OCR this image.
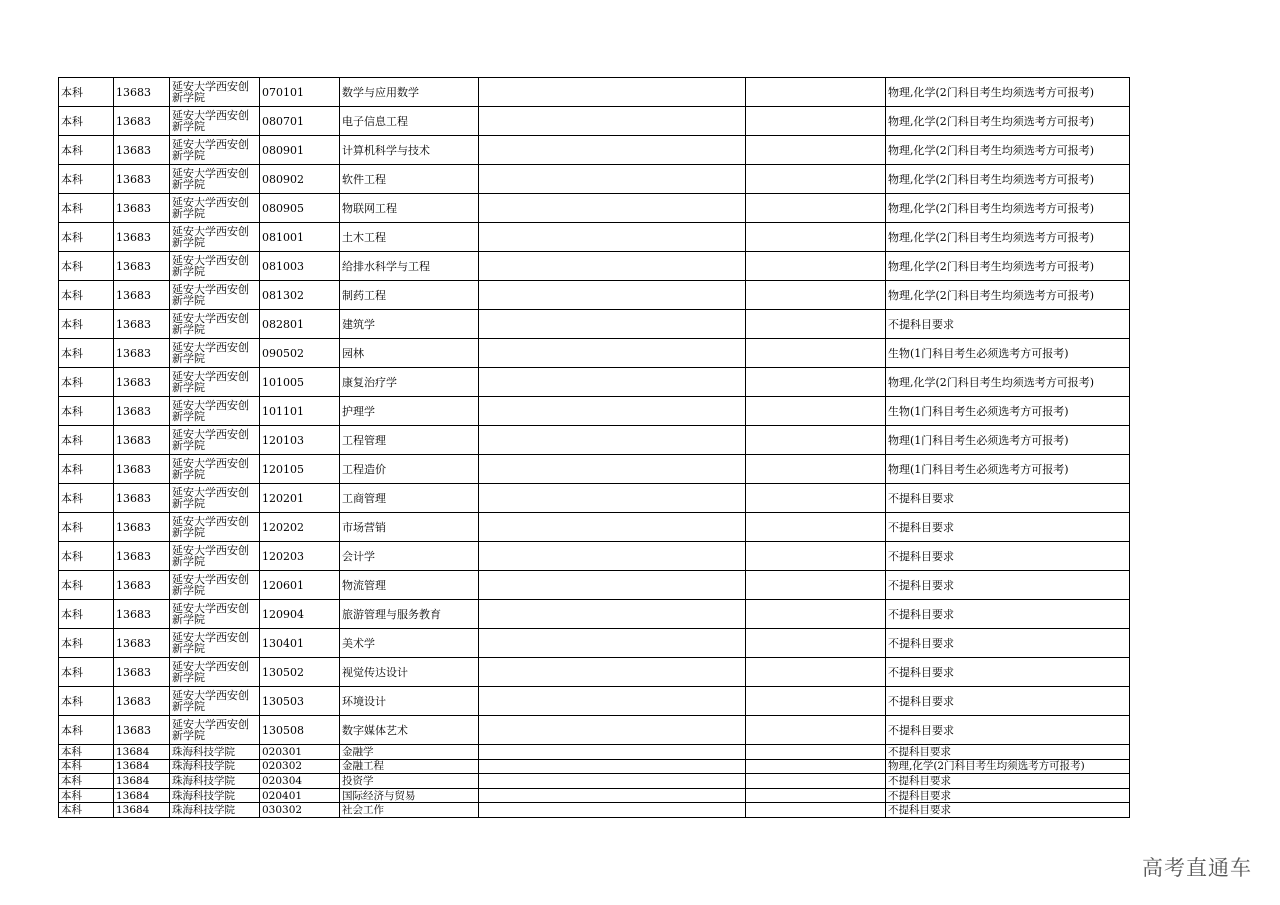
本科	13683	延安大学西安创新学院	070101	数学与应用数学			物理,化学(2门科目考生均须选考方可报考)
本科	13683	延安大学西安创新学院	080701	电子信息工程			物理,化学(2门科目考生均须选考方可报考)
本科	13683	延安大学西安创新学院	080901	计算机科学与技术			物理,化学(2门科目考生均须选考方可报考)
本科	13683	延安大学西安创新学院	080902	软件工程			物理,化学(2门科目考生均须选考方可报考)
本科	13683	延安大学西安创新学院	080905	物联网工程			物理,化学(2门科目考生均须选考方可报考)
本科	13683	延安大学西安创新学院	081001	土木工程			物理,化学(2门科目考生均须选考方可报考)
本科	13683	延安大学西安创新学院	081003	给排水科学与工程			物理,化学(2门科目考生均须选考方可报考)
本科	13683	延安大学西安创新学院	081302	制药工程			物理,化学(2门科目考生均须选考方可报考)
本科	13683	延安大学西安创新学院	082801	建筑学			不提科目要求
本科	13683	延安大学西安创新学院	090502	园林			生物(1门科目考生必须选考方可报考)
本科	13683	延安大学西安创新学院	101005	康复治疗学			物理,化学(2门科目考生均须选考方可报考)
本科	13683	延安大学西安创新学院	101101	护理学			生物(1门科目考生必须选考方可报考)
本科	13683	延安大学西安创新学院	120103	工程管理			物理(1门科目考生必须选考方可报考)
本科	13683	延安大学西安创新学院	120105	工程造价			物理(1门科目考生必须选考方可报考)
本科	13683	延安大学西安创新学院	120201	工商管理			不提科目要求
本科	13683	延安大学西安创新学院	120202	市场营销			不提科目要求
本科	13683	延安大学西安创新学院	120203	会计学			不提科目要求
本科	13683	延安大学西安创新学院	120601	物流管理			不提科目要求
本科	13683	延安大学西安创新学院	120904	旅游管理与服务教育			不提科目要求
本科	13683	延安大学西安创新学院	130401	美术学			不提科目要求
本科	13683	延安大学西安创新学院	130502	视觉传达设计			不提科目要求
本科	13683	延安大学西安创新学院	130503	环境设计			不提科目要求
本科	13683	延安大学西安创新学院	130508	数字媒体艺术			不提科目要求
本科	13684	珠海科技学院	020301	金融学			不提科目要求
本科	13684	珠海科技学院	020302	金融工程			物理,化学(2门科目考生均须选考方可报考)
本科	13684	珠海科技学院	020304	投资学			不提科目要求
本科	13684	珠海科技学院	020401	国际经济与贸易			不提科目要求
本科	13684	珠海科技学院	030302	社会工作			不提科目要求
高考直通车
